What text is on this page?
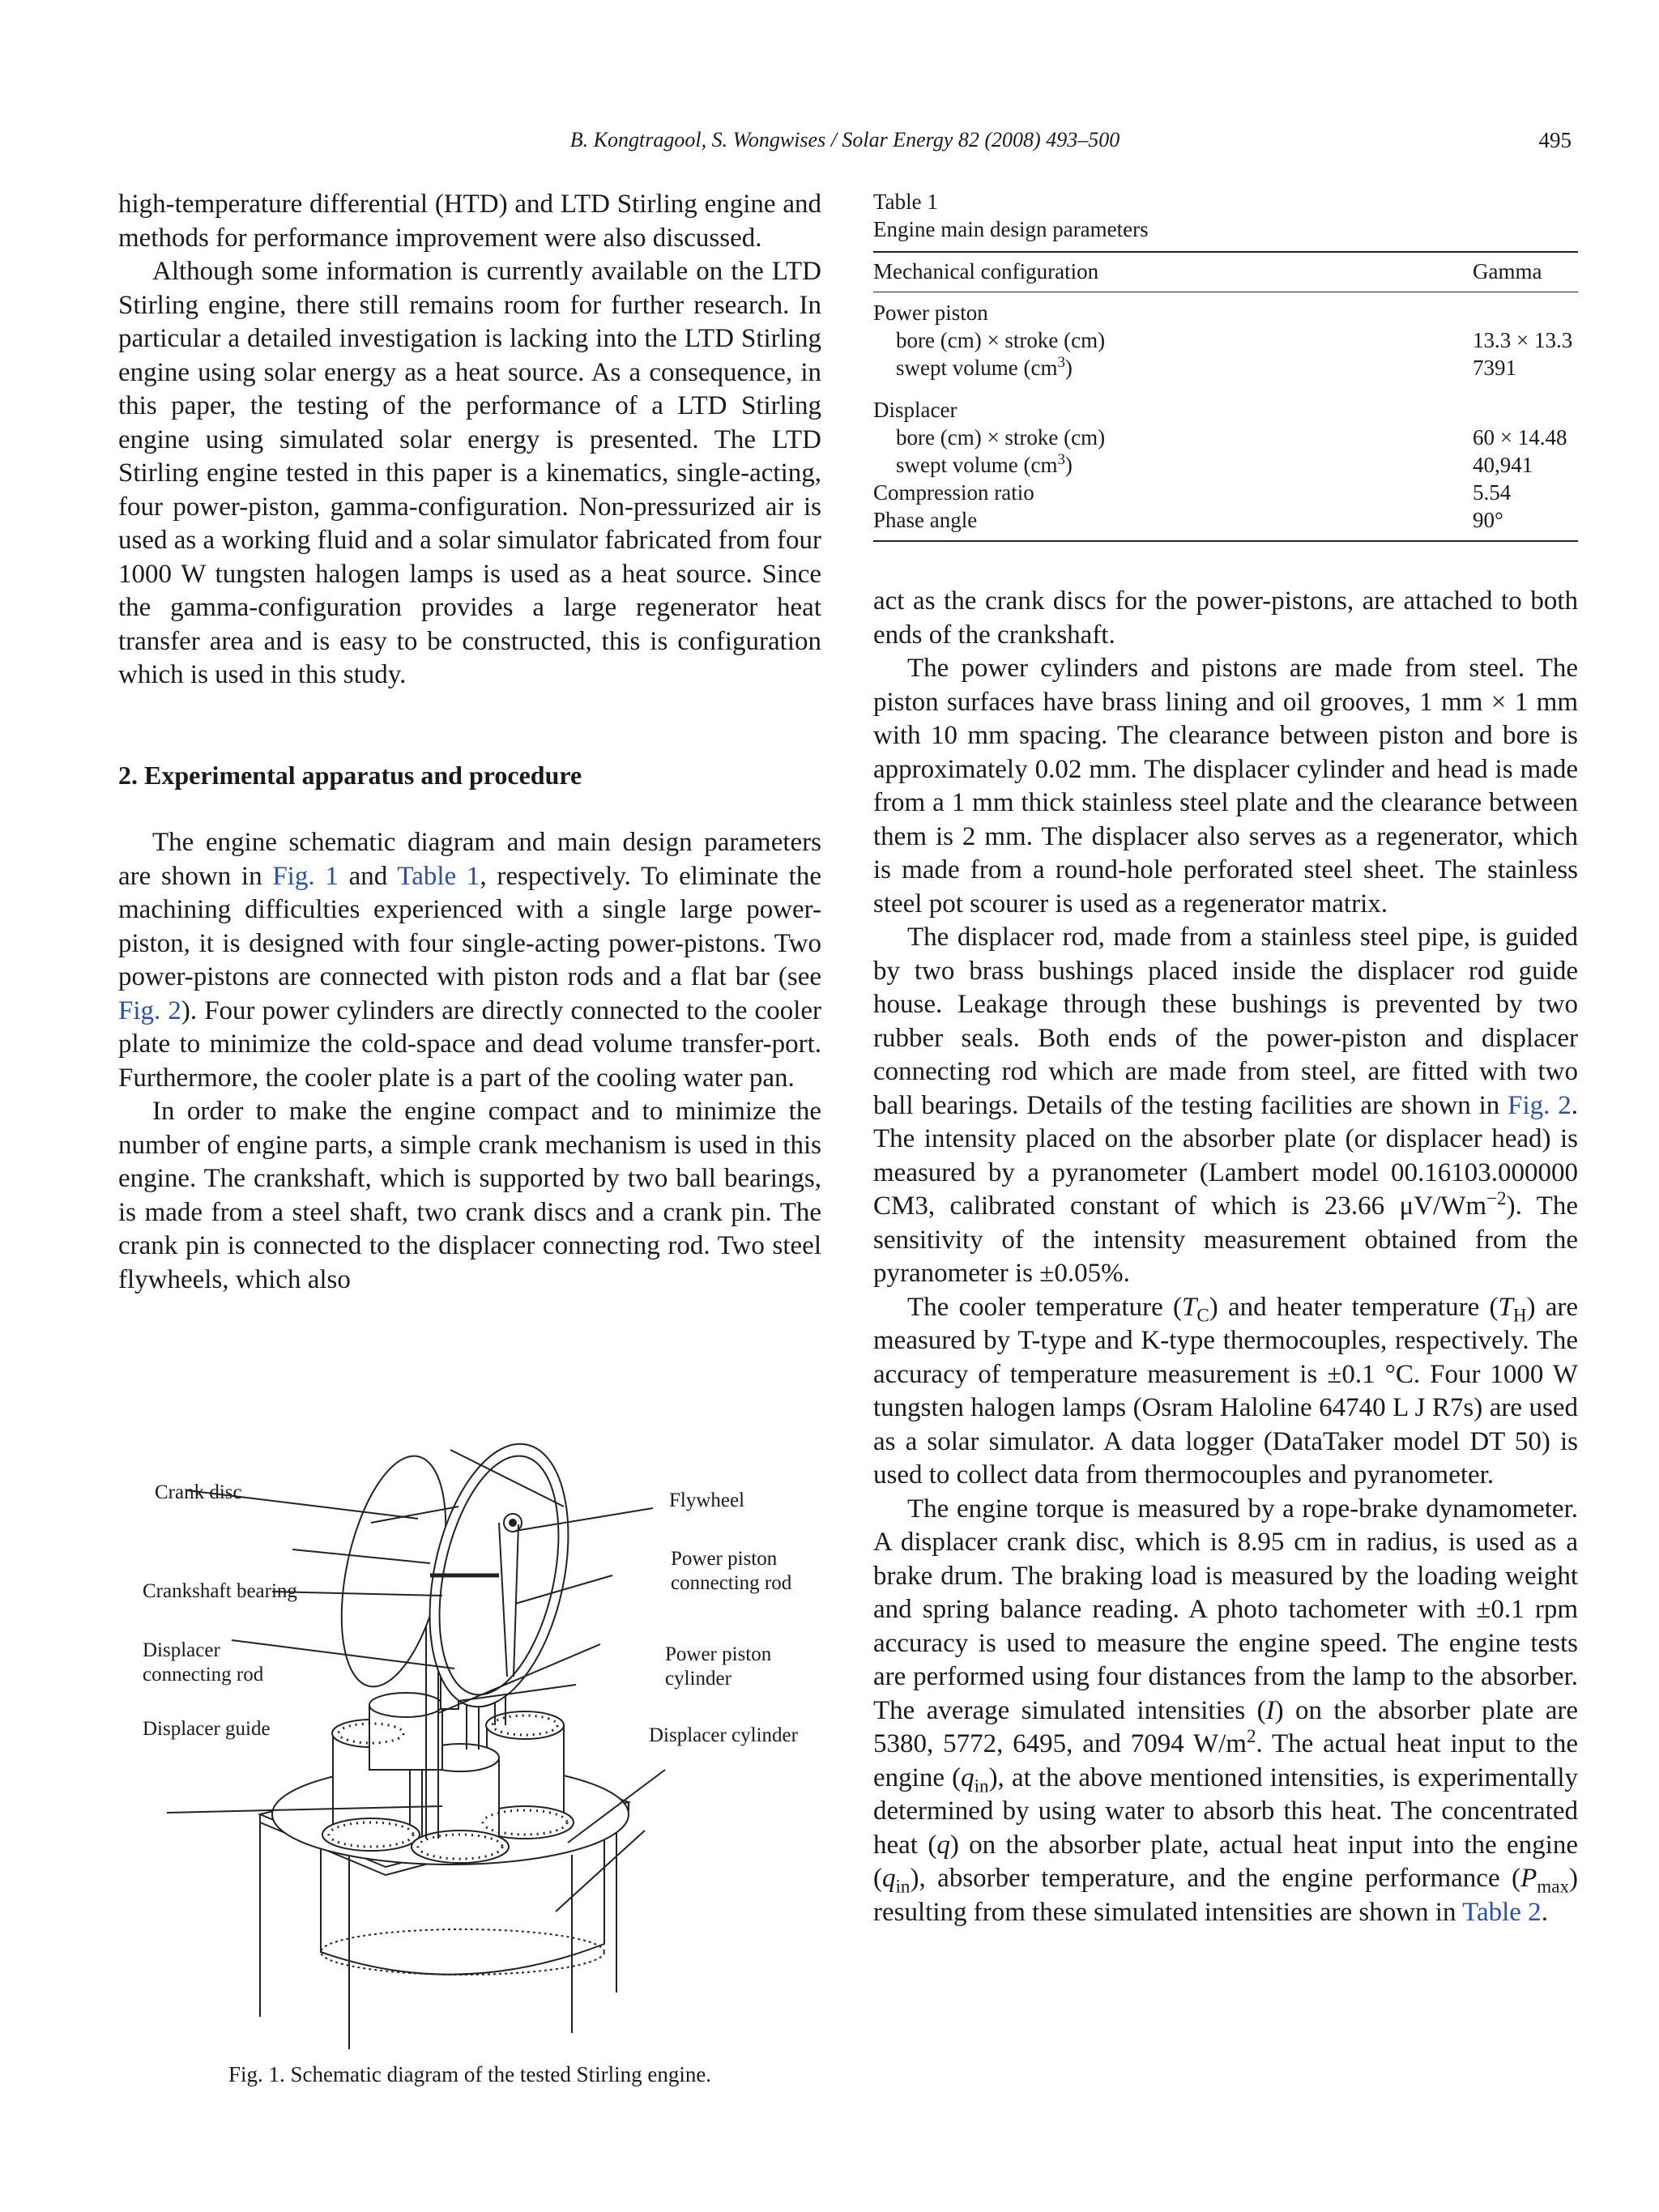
B. Kongtragool, S. Wongwises / Solar Energy 82 (2008) 493–500	495

high-temperature differential (HTD) and LTD Stirling engine and methods for performance improvement were also discussed.

Although some information is currently available on the LTD Stirling engine, there still remains room for further research. In particular a detailed investigation is lacking into the LTD Stirling engine using solar energy as a heat source. As a consequence, in this paper, the testing of the performance of a LTD Stirling engine using simulated solar energy is presented. The LTD Stirling engine tested in this paper is a kinematics, single-acting, four power-piston, gamma-configuration. Non-pressurized air is used as a working fluid and a solar simulator fabricated from four 1000 W tungsten halogen lamps is used as a heat source. Since the gamma-configuration provides a large regenerator heat transfer area and is easy to be constructed, this is configuration which is used in this study.

2. Experimental apparatus and procedure

The engine schematic diagram and main design parameters are shown in Fig. 1 and Table 1, respectively. To eliminate the machining difficulties experienced with a single large power-piston, it is designed with four single-acting power-pistons. Two power-pistons are connected with piston rods and a flat bar (see Fig. 2). Four power cylinders are directly connected to the cooler plate to minimize the cold-space and dead volume transfer-port. Furthermore, the cooler plate is a part of the cooling water pan.

In order to make the engine compact and to minimize the number of engine parts, a simple crank mechanism is used in this engine. The crankshaft, which is supported by two ball bearings, is made from a steel shaft, two crank discs and a crank pin. The crank pin is connected to the displacer connecting rod. Two steel flywheels, which also

Table 1

Engine main design parameters

Mechanical configuration	Gamma
Power piston
bore (cm) × stroke (cm)	13.3 × 13.3
swept volume $(cm^3)$	7391
Displacer
bore (cm) × stroke (cm)	60 × 14.48
swept volume $(cm^3)$	40,941
Compression ratio	5.54
Phase angle	90°

act as the crank discs for the power-pistons, are attached to both ends of the crankshaft.

The power cylinders and pistons are made from steel. The piston surfaces have brass lining and oil grooves, 1 mm × 1 mm with 10 mm spacing. The clearance between piston and bore is approximately 0.02 mm. The displacer cylinder and head is made from a 1 mm thick stainless steel plate and the clearance between them is 2 mm. The displacer also serves as a regenerator, which is made from a round-hole perforated steel sheet. The stainless steel pot scourer is used as a regenerator matrix.

The displacer rod, made from a stainless steel pipe, is guided by two brass bushings placed inside the displacer rod guide house. Leakage through these bushings is prevented by two rubber seals. Both ends of the power-piston and displacer connecting rod which are made from steel, are fitted with two ball bearings. Details of the testing facilities are shown in Fig. 2. The intensity placed on the absorber plate (or displacer head) is measured by a pyranometer (Lambert model 00.16103.000000 CM3, calibrated constant of which is 23.66 $\mu V/Wm^{-2}$). The sensitivity of the intensity measurement obtained from the pyranometer is ±0.05%.

The cooler temperature $(T_C)$ and heater temperature $(T_H)$ are measured by T-type and K-type thermocouples, respectively. The accuracy of temperature measurement is ±0.1 °C. Four 1000 W tungsten halogen lamps (Osram Haloline 64740 L J R7s) are used as a solar simulator. A data logger (DataTaker model DT 50) is used to collect data from thermocouples and pyranometer.

The engine torque is measured by a rope-brake dynamometer. A displacer crank disc, which is 8.95 cm in radius, is used as a brake drum. The braking load is measured by the loading weight and spring balance reading. A photo tachometer with ±0.1 rpm accuracy is used to measure the engine speed. The engine tests are performed using four distances from the lamp to the absorber. The average simulated intensities (I) on the absorber plate are 5380, 5772, 6495, and 7094 $W/m^2$. The actual heat input to the engine $(q_{in})$, at the above mentioned intensities, is experimentally determined by using water to absorb this heat. The concentrated heat (q) on the absorber plate, actual heat input into the engine $(q_{in})$, absorber temperature, and the engine performance $(P_{max})$ resulting from these simulated intensities are shown in Table 2.

Crank disc
Crankshaft bearing
Displacer
connecting rod
Displacer guide
Flywheel
Power piston
connecting rod
Power piston
cylinder
Displacer cylinder
Fig. 1. Schematic diagram of the tested Stirling engine.
